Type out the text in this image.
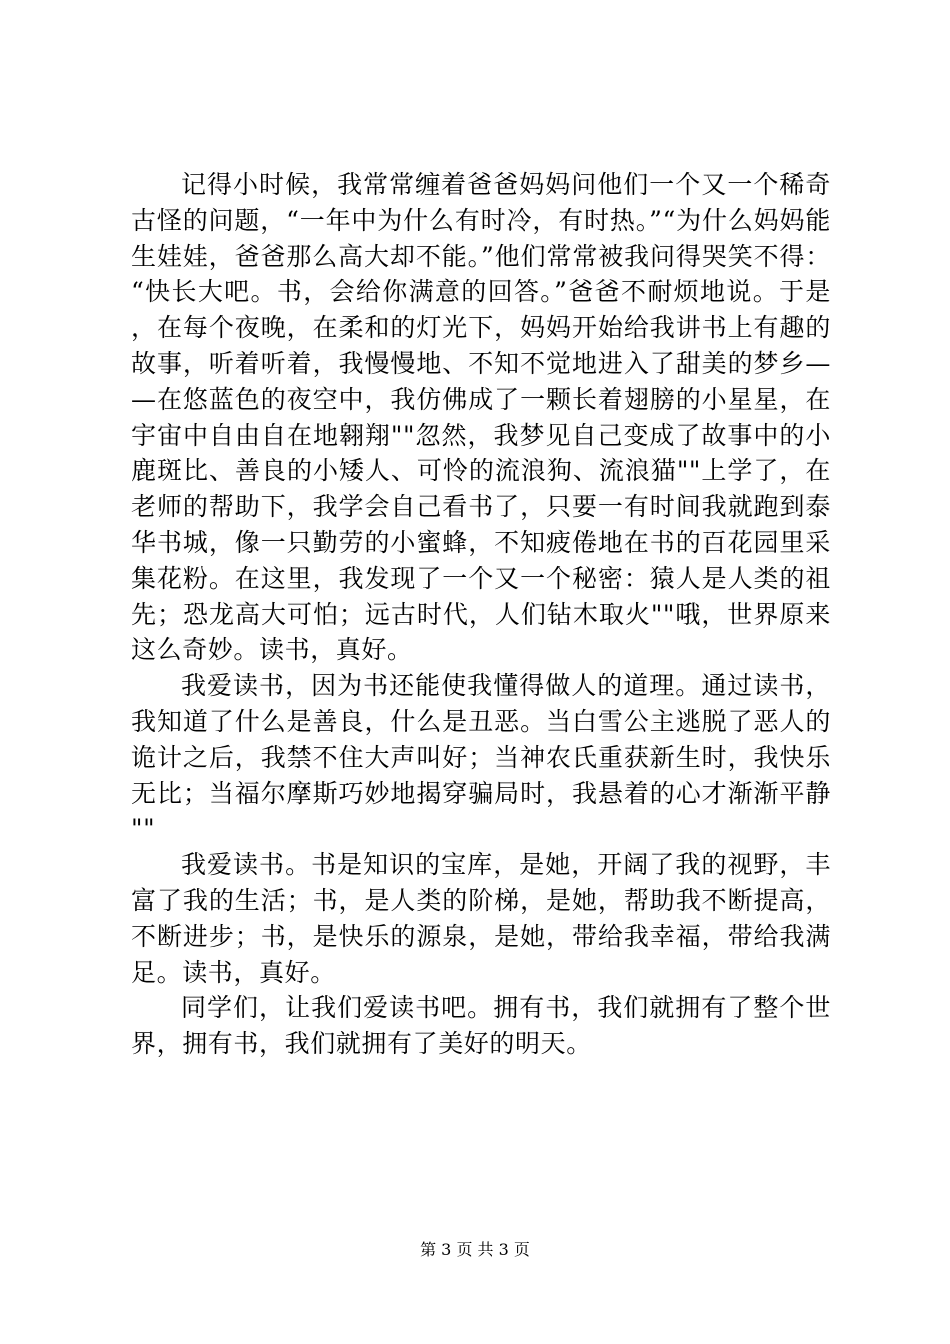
记得小时候，我常常缠着爸爸妈妈问他们一个又一个稀奇古怪的问题，“一年中为什么有时冷，有时热。”“为什么妈妈能生娃娃，爸爸那么高大却不能。”他们常常被我问得哭笑不得：“快长大吧。书，会给你满意的回答。”爸爸不耐烦地说。于是，在每个夜晚，在柔和的灯光下，妈妈开始给我讲书上有趣的故事，听着听着，我慢慢地、不知不觉地进入了甜美的梦乡——在悠蓝色的夜空中，我仿佛成了一颗长着翅膀的小星星，在宇宙中自由自在地翱翔""忽然，我梦见自己变成了故事中的小鹿斑比、善良的小矮人、可怜的流浪狗、流浪猫""上学了，在老师的帮助下，我学会自己看书了，只要一有时间我就跑到泰华书城，像一只勤劳的小蜜蜂，不知疲倦地在书的百花园里采集花粉。在这里，我发现了一个又一个秘密：猿人是人类的祖先；恐龙高大可怕；远古时代，人们钻木取火""哦，世界原来这么奇妙。读书，真好。

我爱读书，因为书还能使我懂得做人的道理。通过读书，我知道了什么是善良，什么是丑恶。当白雪公主逃脱了恶人的诡计之后，我禁不住大声叫好；当神农氏重获新生时，我快乐无比；当福尔摩斯巧妙地揭穿骗局时，我悬着的心才渐渐平静""

我爱读书。书是知识的宝库，是她，开阔了我的视野，丰富了我的生活；书，是人类的阶梯，是她，帮助我不断提高，不断进步；书，是快乐的源泉，是她，带给我幸福，带给我满足。读书，真好。

同学们，让我们爱读书吧。拥有书，我们就拥有了整个世界，拥有书，我们就拥有了美好的明天。

第 3 页 共 3 页
